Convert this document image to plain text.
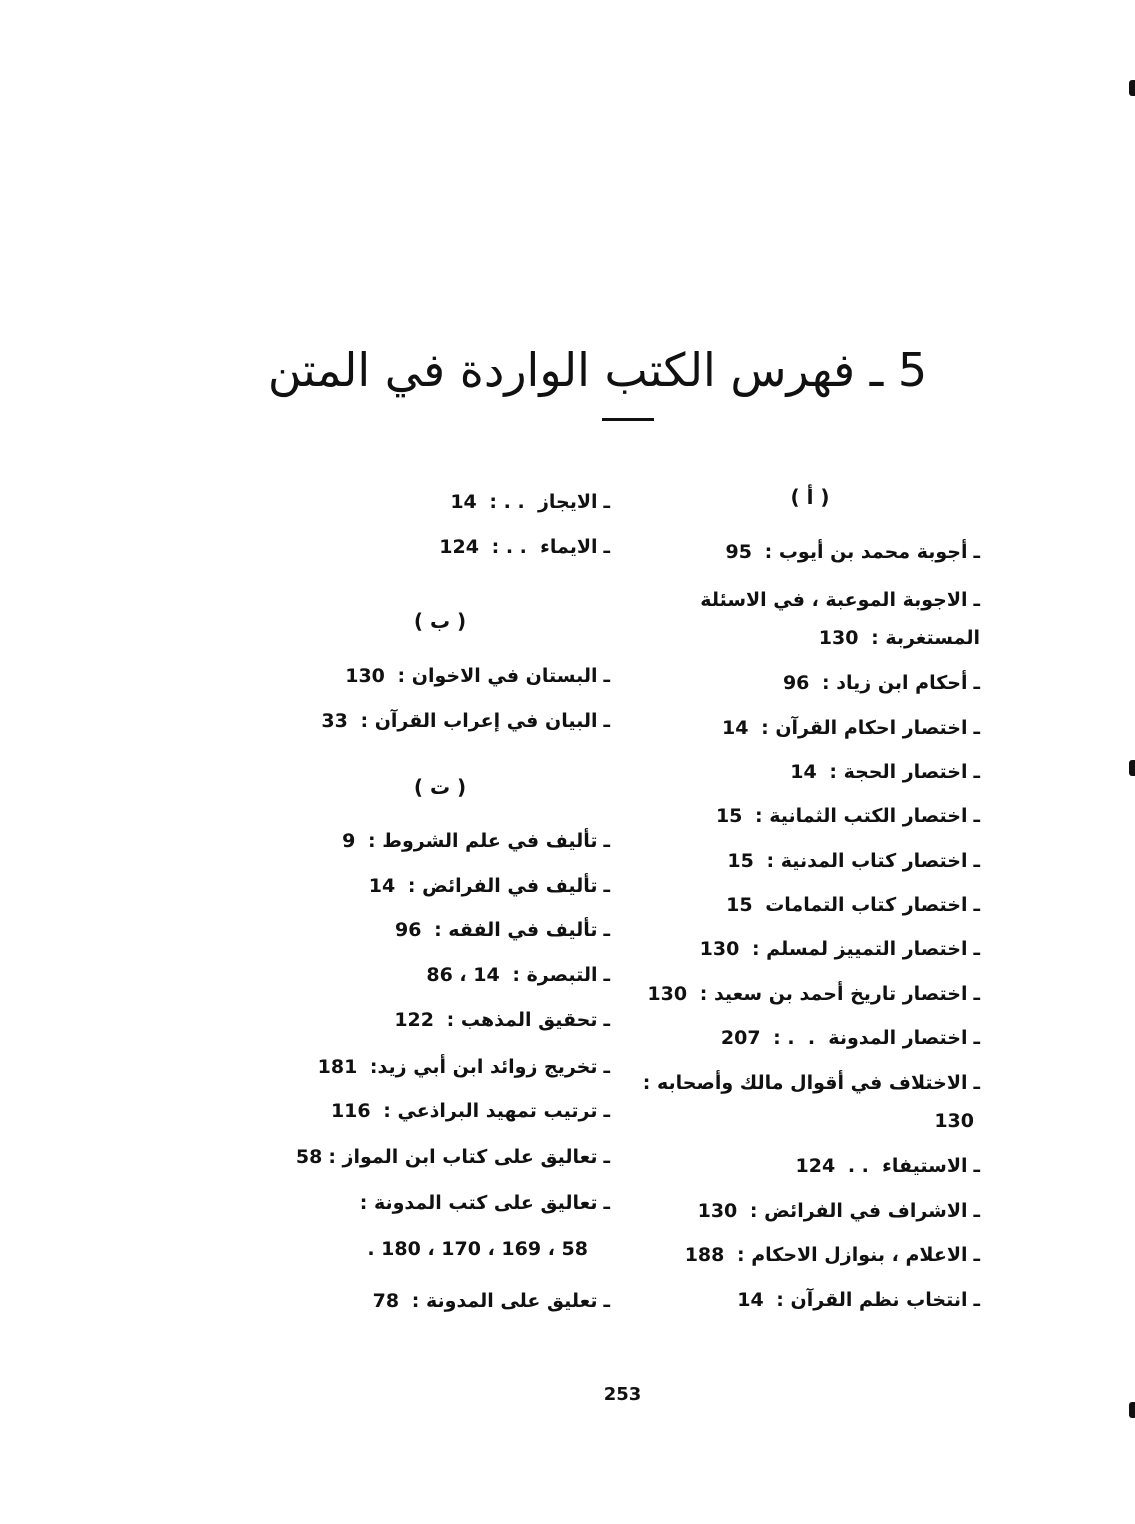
5 ـ فهرس الكتب الواردة في المتن
( أ )
ـأجوبة محمد بن أيوب : 95
ـالاجوبة الموعبة ، في الاسئلة المستغربة : 130
ـأحكام ابن زياد : 96
ـاختصار احكام القرآن : 14
ـاختصار الحجة : 14
ـاختصار الكتب الثمانية : 15
ـاختصار كتاب المدنية : 15
ـاختصار كتاب التمامات 15
ـاختصار التمييز لمسلم : 130
ـاختصار تاريخ أحمد بن سعيد : 130
ـاختصار المدونة  .  . : 207
ـالاختلاف في أقوال مالك وأصحابه : 130
ـالاستيفاء  . . 124
ـالاشراف في الفرائض : 130
ـالاعلام ، بنوازل الاحكام : 188
ـانتخاب نظم القرآن : 14
ـالايجاز  . . : 14
ـالايماء  . . : 124
( ب )
ـالبستان في الاخوان : 130
ـالبيان في إعراب القرآن : 33
( ت )
ـتأليف في علم الشروط : 9
ـتأليف في الفرائض : 14
ـتأليف في الفقه : 96
ـالتبصرة : 14 ، 86
ـتحقيق المذهب : 122
ـتخريج زوائد ابن أبي زيد: 181
ـترتيب تمهيد البراذعي : 116
ـتعاليق على كتاب ابن المواز :58
ـتعاليق على كتب المدونة :
58 ، 169 ، 170 ، 180 .
ـتعليق على المدونة : 78
253
